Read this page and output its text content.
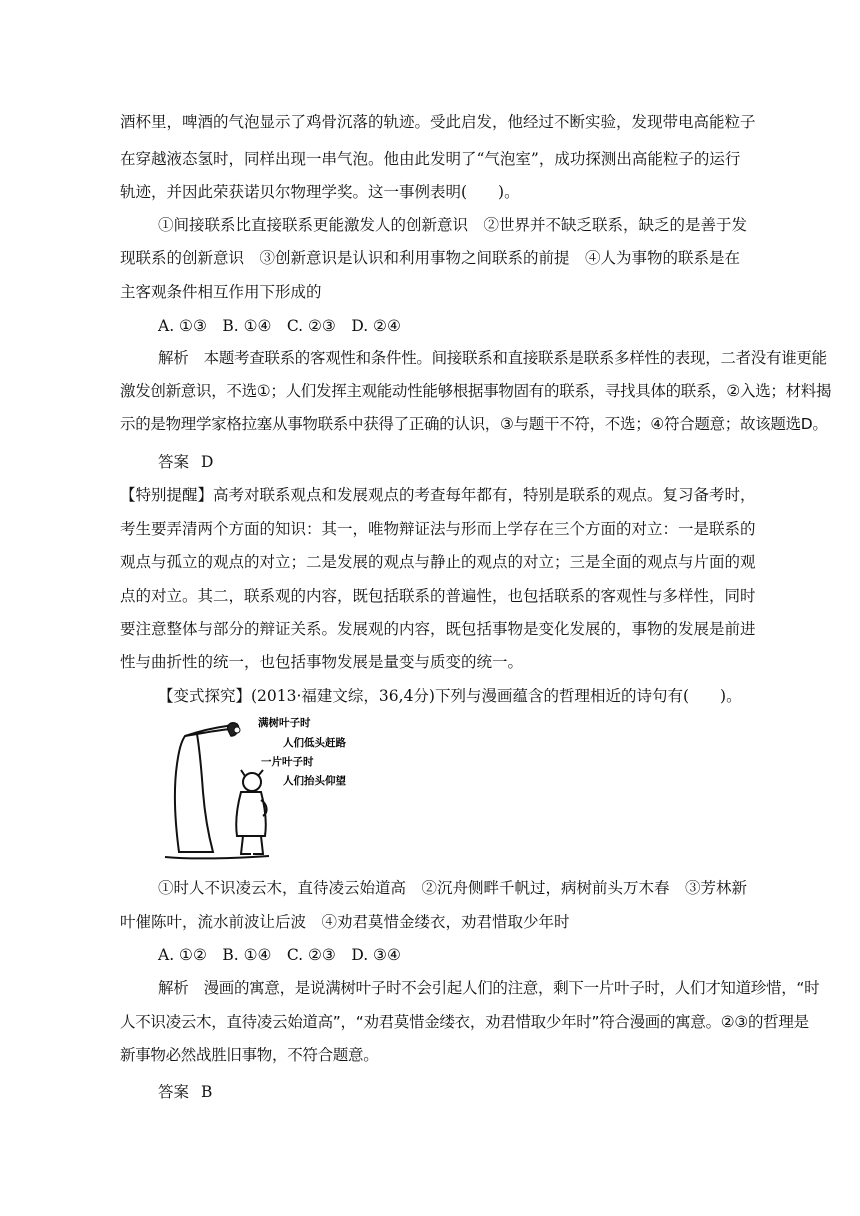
酒杯里，啤酒的气泡显示了鸡骨沉落的轨迹。受此启发，他经过不断实验，发现带电高能粒子
在穿越液态氢时，同样出现一串气泡。他由此发明了“气泡室”，成功探测出高能粒子的运行
轨迹，并因此荣获诺贝尔物理学奖。这一事例表明(　　)。
①间接联系比直接联系更能激发人的创新意识　②世界并不缺乏联系，缺乏的是善于发
现联系的创新意识　③创新意识是认识和利用事物之间联系的前提　④人为事物的联系是在
主客观条件相互作用下形成的
A. ①③　B. ①④　C. ②③　D. ②④
解析　本题考查联系的客观性和条件性。间接联系和直接联系是联系多样性的表现，二者没有谁更能
激发创新意识，不选①；人们发挥主观能动性能够根据事物固有的联系，寻找具体的联系，②入选；材料揭
示的是物理学家格拉塞从事物联系中获得了正确的认识，③与题干不符，不选；④符合题意；故该题选D。
答案 D
【特别提醒】高考对联系观点和发展观点的考查每年都有，特别是联系的观点。复习备考时，
考生要弄清两个方面的知识：其一，唯物辩证法与形而上学存在三个方面的对立：一是联系的
观点与孤立的观点的对立；二是发展的观点与静止的观点的对立；三是全面的观点与片面的观
点的对立。其二，联系观的内容，既包括联系的普遍性，也包括联系的客观性与多样性，同时
要注意整体与部分的辩证关系。发展观的内容，既包括事物是变化发展的，事物的发展是前进
性与曲折性的统一，也包括事物发展是量变与质变的统一。
【变式探究】(2013·福建文综，36,4分)下列与漫画蕴含的哲理相近的诗句有(　　)。
满树叶子时
人们低头赶路
一片叶子时
人们抬头仰望
①时人不识凌云木，直待凌云始道高　②沉舟侧畔千帆过，病树前头万木春　③芳林新
叶催陈叶，流水前波让后波　④劝君莫惜金缕衣，劝君惜取少年时
A. ①②　B. ①④　C. ②③　D. ③④
解析　漫画的寓意，是说满树叶子时不会引起人们的注意，剩下一片叶子时，人们才知道珍惜，“时
人不识凌云木，直待凌云始道高”，“劝君莫惜金缕衣，劝君惜取少年时”符合漫画的寓意。②③的哲理是
新事物必然战胜旧事物，不符合题意。
答案 B
